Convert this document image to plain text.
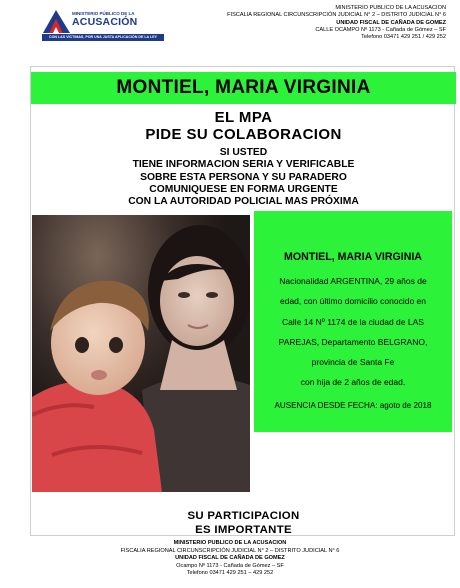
MINISTERIO PÚBLICO DE LA
ACUSACIÓN
CON LAS VÍCTIMAS, POR UNA JUSTA APLICACIÓN DE LA LEY
MINISTERIO PUBLICO DE LA ACUSACION
FISCALIA REGIONAL CIRCUNSCRIPCIÓN JUDICIAL N° 2 – DISTRITO JUDICIAL N° 6
UNIDAD FISCAL DE CAÑADA DE GOMEZ
CALLE OCAMPO Nº 1173 - Cañada de Gómez – SF
Telefono 03471 429 251 / 429 252
MONTIEL, MARIA VIRGINIA
EL MPA
PIDE SU COLABORACION
SI USTED
TIENE INFORMACION SERIA Y VERIFICABLE
SOBRE ESTA PERSONA Y SU PARADERO
COMUNIQUESE EN FORMA URGENTE
CON LA AUTORIDAD POLICIAL MAS PRÓXIMA
MONTIEL, MARIA VIRGINIA
Nacionalidad ARGENTINA, 29 años de
edad, con último domicilio conocido en
Calle 14 Nº 1174 de la ciudad de LAS
PAREJAS, Departamento BELGRANO,
provincia de Santa Fe
con hija de 2 años de edad.
AUSENCIA DESDE FECHA: agoto de 2018
SU PARTICIPACION
ES IMPORTANTE
MINISTERIO PUBLICO DE LA ACUSACION
FISCALIA REGIONAL CIRCUNSCRIPCIÓN JUDICIAL N° 2 – DISTRITO JUDICIAL N° 6
UNIDAD FISCAL DE CAÑADA DE GOMEZ
Ocampo Nº 1173 - Cañada de Gómez – SF
Telefono 03471 429 251 – 429 252
